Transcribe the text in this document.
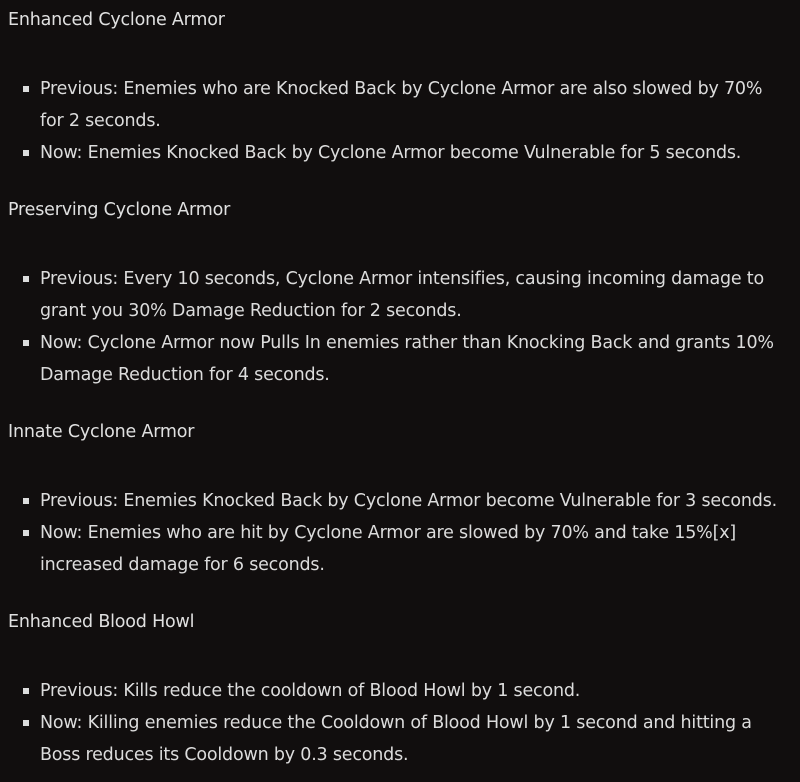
Enhanced Cyclone Armor
Previous: Enemies who are Knocked Back by Cyclone Armor are also slowed by 70% for 2 seconds.
Now: Enemies Knocked Back by Cyclone Armor become Vulnerable for 5 seconds.
Preserving Cyclone Armor
Previous: Every 10 seconds, Cyclone Armor intensifies, causing incoming damage to grant you 30% Damage Reduction for 2 seconds.
Now: Cyclone Armor now Pulls In enemies rather than Knocking Back and grants 10% Damage Reduction for 4 seconds.
Innate Cyclone Armor
Previous: Enemies Knocked Back by Cyclone Armor become Vulnerable for 3 seconds.
Now: Enemies who are hit by Cyclone Armor are slowed by 70% and take 15%[x] increased damage for 6 seconds.
Enhanced Blood Howl
Previous: Kills reduce the cooldown of Blood Howl by 1 second.
Now: Killing enemies reduce the Cooldown of Blood Howl by 1 second and hitting a Boss reduces its Cooldown by 0.3 seconds.
